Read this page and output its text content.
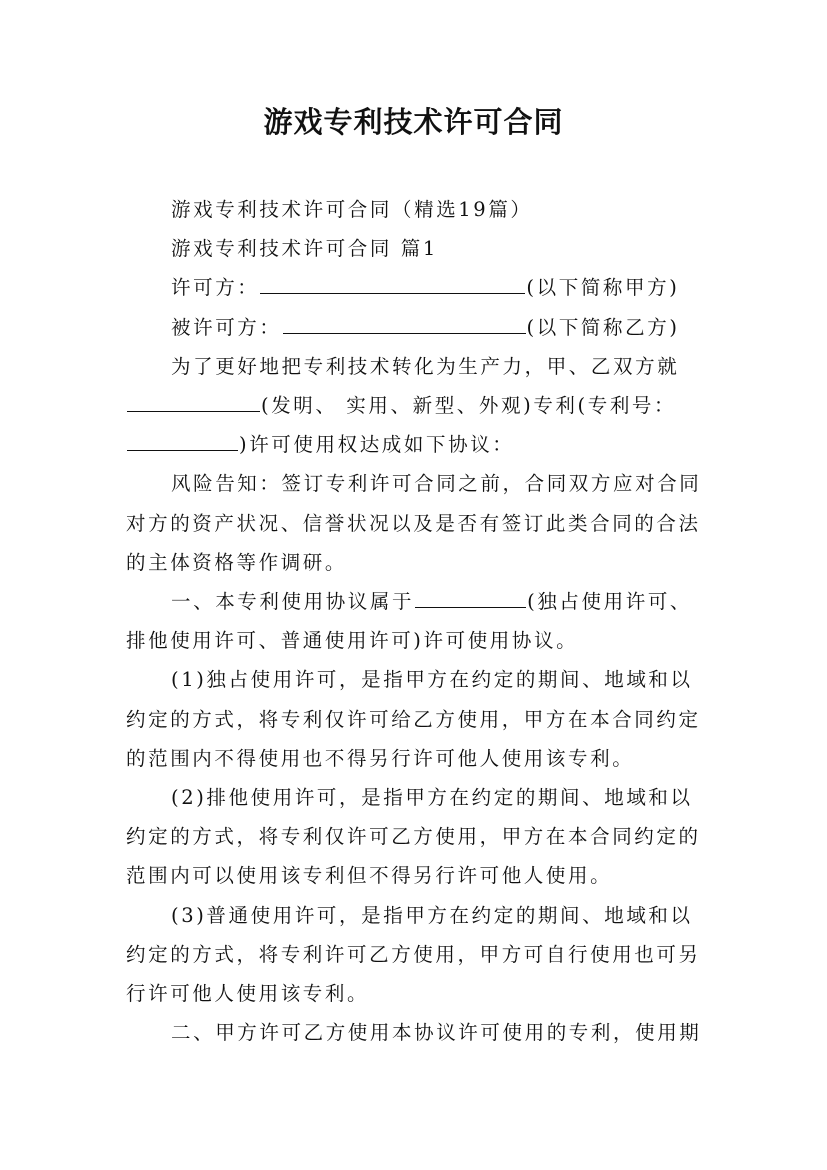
游戏专利技术许可合同

游戏专利技术许可合同（精选19篇）

游戏专利技术许可合同 篇1

许可方：	(以下简称甲方)

被许可方：	(以下简称乙方)

为了更好地把专利技术转化为生产力，甲、乙双方就

(发明、 实用、新型、外观)专利(专利号：

)许可使用权达成如下协议：

风险告知：签订专利许可合同之前，合同双方应对合同

对方的资产状况、信誉状况以及是否有签订此类合同的合法

的主体资格等作调研。

一、本专利使用协议属于	(独占使用许可、

排他使用许可、普通使用许可)许可使用协议。

(1)独占使用许可，是指甲方在约定的期间、地域和以

约定的方式，将专利仅许可给乙方使用，甲方在本合同约定

的范围内不得使用也不得另行许可他人使用该专利。

(2)排他使用许可，是指甲方在约定的期间、地域和以

约定的方式，将专利仅许可乙方使用，甲方在本合同约定的

范围内可以使用该专利但不得另行许可他人使用。

(3)普通使用许可，是指甲方在约定的期间、地域和以

约定的方式，将专利许可乙方使用，甲方可自行使用也可另

行许可他人使用该专利。

二、甲方许可乙方使用本协议许可使用的专利，使用期
